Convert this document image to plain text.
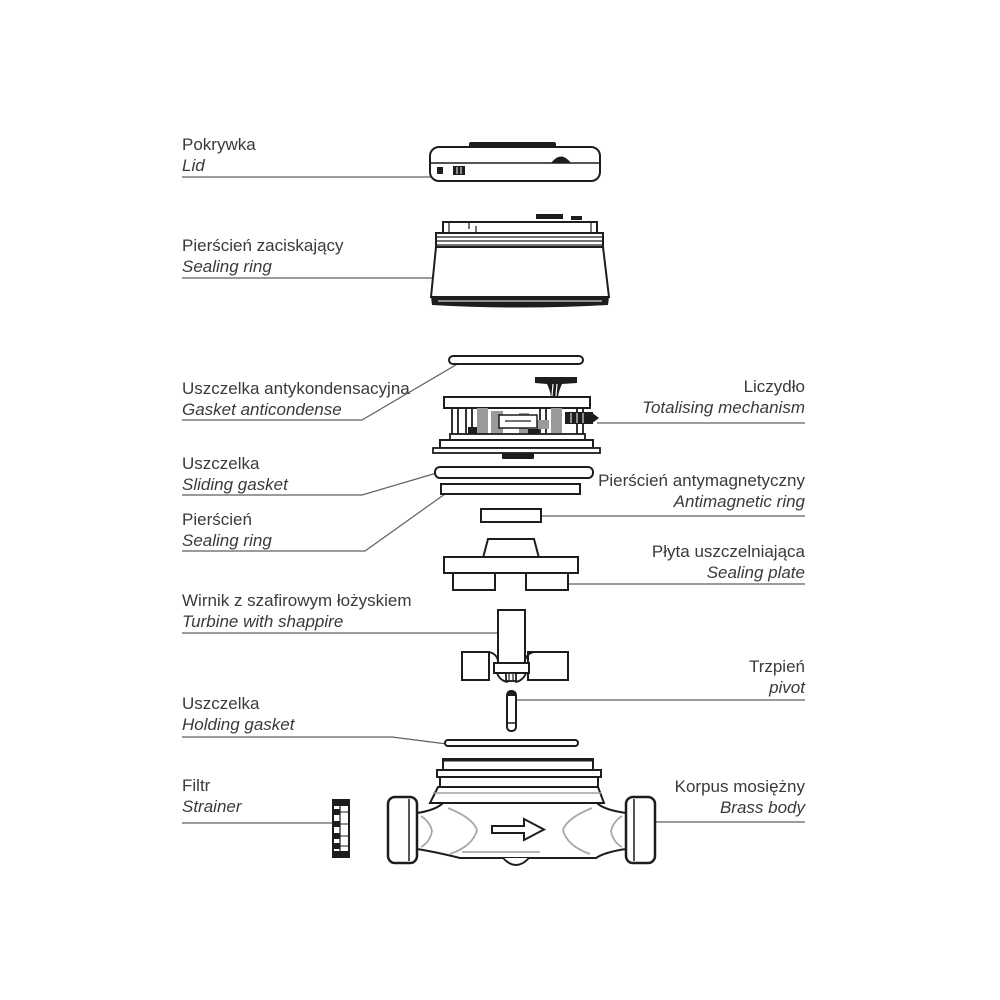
Pokrywka
Lid
Pierścień zaciskający
Sealing ring
Uszczelka antykondensacyjna
Gasket anticondense
Liczydło
Totalising mechanism
Uszczelka
Sliding gasket	Pierścień antymagnetyczny
Antimagnetic ring
Pierścień
Sealing ring
Płyta uszczelniająca
Sealing plate
Wirnik z szafirowym łożyskiem
Turbine with shappire
Trzpień
pivot
Uszczelka
Holding gasket
Filtr
Strainer
Korpus mosiężny
Brass body
